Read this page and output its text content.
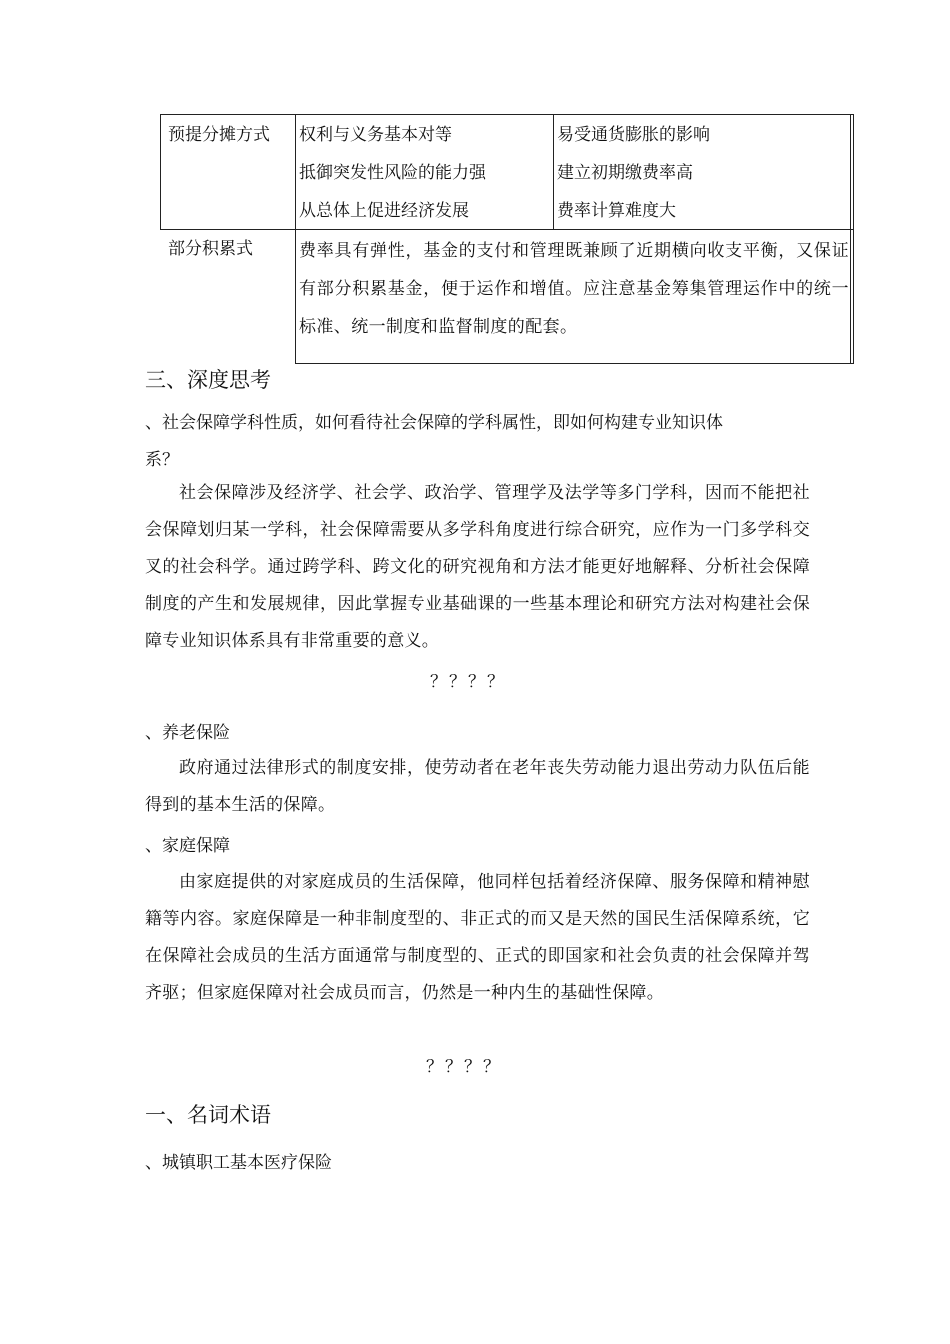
预提分摊方式 权利与义务基本对等
抵御突发性风险的能力强
从总体上促进经济发展
易受通货膨胀的影响
建立初期缴费率高
费率计算难度大
部分积累式	费率具有弹性，基金的支付和管理既兼顾了近期横向收支平衡，又保证有部分积累基金，便于运作和增值。应注意基金筹集管理运作中的统一标准、统一制度和监督制度的配套。
三、深度思考
、社会保障学科性质，如何看待社会保障的学科属性，即如何构建专业知识体
系？

社会保障涉及经济学、社会学、政治学、管理学及法学等多门学科，因而不能把社会保障划归某一学科，社会保障需要从多学科角度进行综合研究，应作为一门多学科交叉的社会科学。通过跨学科、跨文化的研究视角和方法才能更好地解释、分析社会保障制度的产生和发展规律，因此掌握专业基础课的一些基本理论和研究方法对构建社会保障专业知识体系具有非常重要的意义。

？？？？
、养老保险

政府通过法律形式的制度安排，使劳动者在老年丧失劳动能力退出劳动力队伍后能得到的基本生活的保障。

、家庭保障

由家庭提供的对家庭成员的生活保障，他同样包括着经济保障、服务保障和精神慰籍等内容。家庭保障是一种非制度型的、非正式的而又是天然的国民生活保障系统，它在保障社会成员的生活方面通常与制度型的、正式的即国家和社会负责的社会保障并驾齐驱；但家庭保障对社会成员而言，仍然是一种内生的基础性保障。

？？？？
一、名词术语
、城镇职工基本医疗保险
